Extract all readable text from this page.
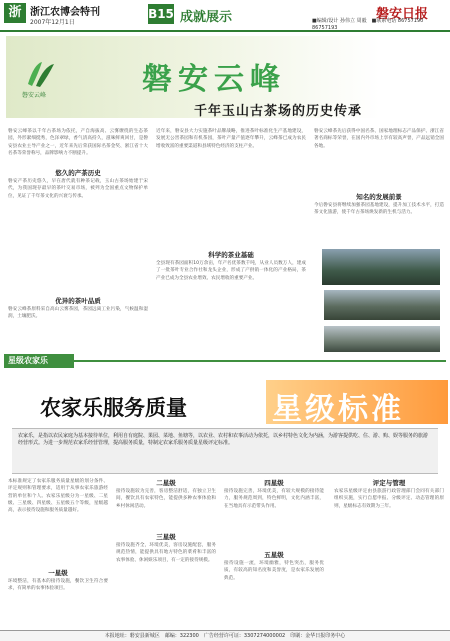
浙 浙江农博会特刊
2007年12月1日
B15 成就展示	磐安日报
■编辑/设计 孙伟立 周毅　■联系电话 86757190 86757193
磐安云峰	磐安云峰
千年玉山古茶场的历史传承
磐安云峰茶以千年古茶场为依托，产自海拔高、云雾缭绕的生态茶园，外形紧细挺秀，色泽翠绿，香气清高持久，滋味鲜爽回甘，是磐安县农业主导产业之一，近年来先后荣获国际名茶金奖、浙江省十大名茶等荣誉称号，品牌影响力不断提升。
悠久的产茶历史
磐安产茶历史悠久，早在唐代就有种茶记载，玉山古茶场始建于宋代，为我国现存最早的茶叶交易市场，被列为全国重点文物保护单位，见证了千年茶文化的兴衰与传承。
优异的茶叶品质
磐安云峰茶原料采自高山云雾茶园，茶园远离工业污染，气候温和湿润，土壤肥沃。
近年来，磐安县大力实施茶叶品牌战略，推进茶叶标准化生产基地建设，发展无公害茶园和有机茶园，茶叶产量产值逐年攀升，云峰茶已成为农民增收致富的重要渠道和县域特色经济的支柱产业。
科学的茶业基础
全县现有茶园面积10万余亩，年产名优茶数千吨，从业人员数万人，建成了一批茶叶专业合作社和龙头企业，形成了产供销一体化的产业格局，茶产业已成为全县农业增效、农民增收的重要产业。
磐安云峰茶先后获得中国名茶、国家地理标志产品保护、浙江省著名商标等荣誉，在国内外市场上享有较高声誉，产品远销全国各地。
知名的发展前景
今后磐安县将继续加强茶园基地建设，提升加工技术水平，打造茶文化旅游，使千年古茶场焕发新的生机与活力。
星级农家乐
农家乐服务质量	星级标准
农家乐，是指以农民家庭为基本接待单位，利用自有庭院、果园、菜地、鱼塘等，以农业、农村和农事活动为依托，以乡村特色文化为内涵，为游客提供吃、住、游、购、娱等服务的旅游经营形式。为进一步规范农家乐经营管理，提高服务质量，特制定农家乐服务质量星级评定标准。
本标准规定了农家乐服务质量星级的划分条件、评定规则和管理要求，适用于从事农家乐旅游经营的单位和个人。农家乐星级分为一星级、二星级、三星级、四星级、五星级五个等级，星级越高，表示接待设施和服务质量越好。
一星级
环境整洁，有基本的接待设施，餐饮卫生符合要求，有简单的农事体验项目。
二星级
接待设施较为完善，客房整洁舒适，有独立卫生间，餐饮具有农家特色，能提供多种农事体验和乡村休闲活动。
三星级
接待设施齐全，环境优美，客房设施配套，服务规范热情，能提供具有地方特色的菜肴和丰富的农事体验、休闲娱乐项目，有一定的接待规模。
四星级
接待设施完善，环境优美，有较大规模的接待能力，服务规范周到，特色鲜明，文化内涵丰富，在当地具有示范带头作用。
五星级
接待设施一流，环境幽雅，特色突出，服务优质，有较高的知名度和美誉度，是农家乐发展的典范。
评定与管理
农家乐星级评定由县旅游行政管理部门会同有关部门组织实施，实行自愿申报、分级评定、动态管理的原则，星级标志有效期为三年。
本报地址：磐安县新城区　邮编：322300　广告经营许可证：3307274000002　印刷：金华日报印务中心
